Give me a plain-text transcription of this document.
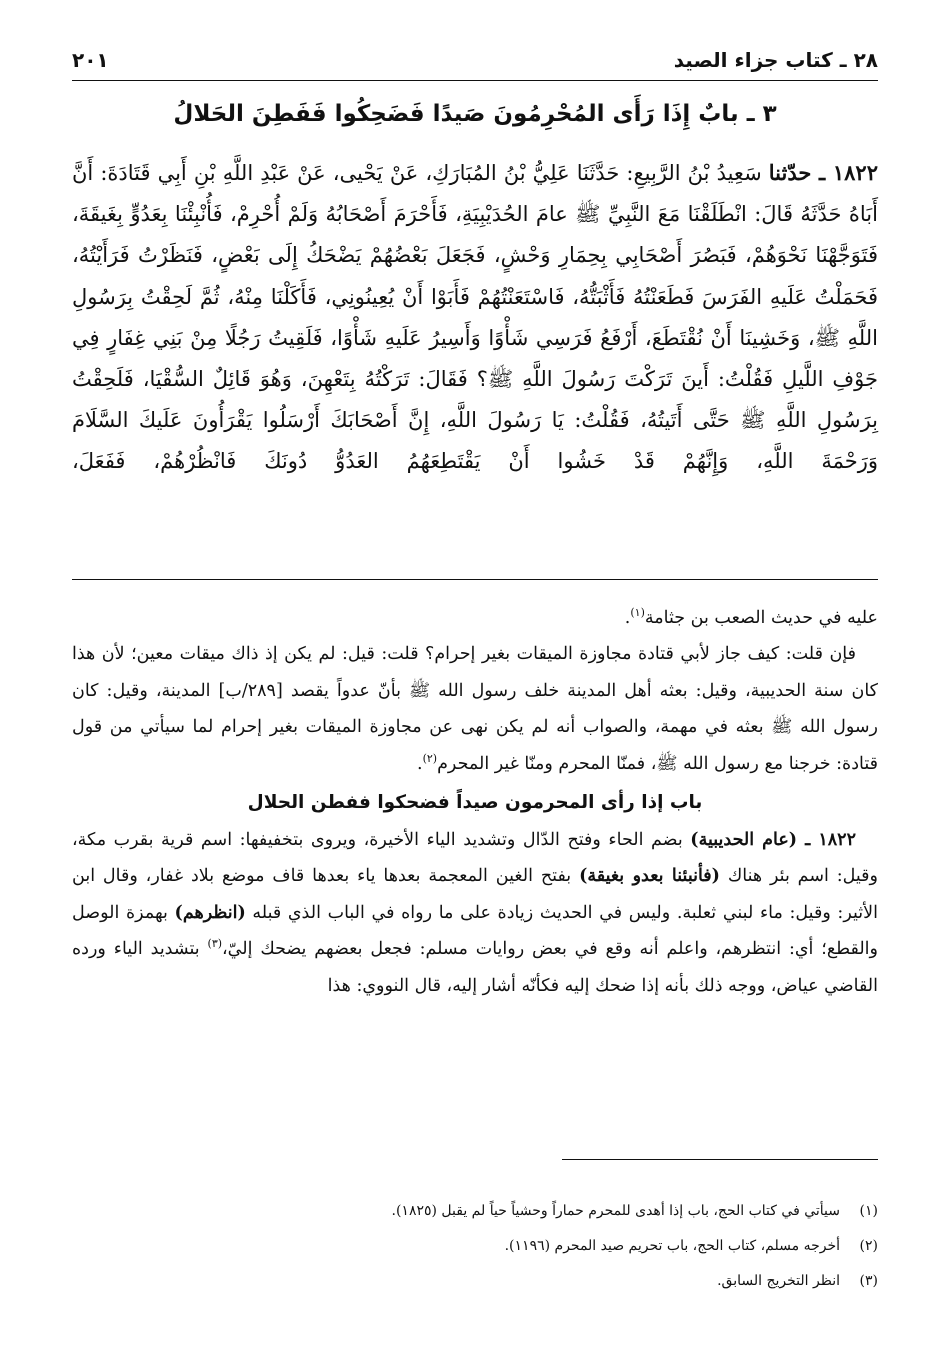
٢٨ ـ كتاب جزاء الصيد
٢٠١
٣ ـ بابٌ إِذَا رَأَى المُحْرِمُونَ صَيدًا فَضَحِكُوا فَفَطِنَ الحَلالُ

١٨٢٢ ـ حدّثنا سَعِيدُ بْنُ الرَّبِيعِ: حَدَّثَنَا عَلِيُّ بْنُ المُبَارَكِ، عَنْ يَحْيى، عَنْ عَبْدِ اللَّهِ بْنِ أَبِي قَتَادَةَ: أَنَّ أَبَاهُ حَدَّثَهُ قَالَ: انْطَلَقْنَا مَعَ النَّبِيِّ ﷺ عامَ الحُدَيْبِيَةِ، فَأَحْرَمَ أَصْحَابُهُ وَلَمْ أُحْرِمْ، فَأُنْبِئْنَا بِعَدُوٍّ بِغَيقَةَ، فَتَوَجَّهْنَا نَحْوَهُمْ، فَبَصُرَ أَصْحَابِي بِحِمَارِ وَحْشٍ، فَجَعَلَ بَعْضُهُمْ يَضْحَكُ إِلَى بَعْضٍ، فَنَظَرْتُ فَرَأَيْتُهُ، فَحَمَلْتُ عَلَيهِ الفَرَسَ فَطَعَنْتُهُ فَأَثْبَتُّهُ، فَاسْتَعَنْتُهُمْ فَأَبَوْا أَنْ يُعِينُونِي، فَأَكَلْنَا مِنْهُ، ثُمَّ لَحِقْتُ بِرَسُولِ اللَّهِ ﷺ، وَخَشِينَا أَنْ نُقْتَطَعَ، أَرْفَعُ فَرَسِي شَأْوًا وَأَسِيرُ عَلَيهِ شَأْوًا، فَلَقِيتُ رَجُلًا مِنْ بَنِي غِفَارٍ فِي جَوْفِ اللَّيلِ فَقُلْتُ: أَينَ تَرَكْتَ رَسُولَ اللَّهِ ﷺ؟ فَقَالَ: تَرَكْتُهُ بِتَعْهِنَ، وَهُوَ قَائِلٌ السُّقْيَا، فَلَحِقْتُ بِرَسُولِ اللَّهِ ﷺ حَتَّى أَتَيتُهُ، فَقُلْتُ: يَا رَسُولَ اللَّهِ، إِنَّ أَصْحَابَكَ أَرْسَلُوا يَقْرَأُونَ عَلَيكَ السَّلَامَ وَرَحْمَةَ اللَّهِ، وَإِنَّهُمْ قَدْ خَشُوا أَنْ يَقْتَطِعَهُمُ العَدُوُّ دُونَكَ فَانْظُرْهُمْ، فَفَعَلَ،

عليه في حديث الصعب بن جثامة$^{(١)}$.

فإن قلت: كيف جاز لأبي قتادة مجاوزة الميقات بغير إحرام؟ قلت: قيل: لم يكن إذ ذاك ميقات معين؛ لأن هذا كان سنة الحديبية، وقيل: بعثه أهل المدينة خلف رسول الله ﷺ بأنّ عدواً يقصد [٢٨٩/ب] المدينة، وقيل: كان رسول الله ﷺ بعثه في مهمة، والصواب أنه لم يكن نهى عن مجاوزة الميقات بغير إحرام لما سيأتي من قول قتادة: خرجنا مع رسول الله ﷺ، فمنّا المحرم ومنّا غير المحرم$^{(٢)}$.

باب إذا رأى المحرمون صيداً فضحكوا ففطن الحلال

١٨٢٢ ـ (عام الحديبية) بضم الحاء وفتح الدّال وتشديد الياء الأخيرة، ويروى بتخفيفها: اسم قرية بقرب مكة، وقيل: اسم بئر هناك (فأنبئنا بعدو بغيقة) بفتح الغين المعجمة بعدها ياء بعدها قاف موضع بلاد غفار، وقال ابن الأثير: وقيل: ماء لبني ثعلبة. وليس في الحديث زيادة على ما رواه في الباب الذي قبله (انظرهم) بهمزة الوصل والقطع؛ أي: انتظرهم، واعلم أنه وقع في بعض روايات مسلم: فجعل بعضهم يضحك إليّ،$^{(٣)}$ بتشديد الياء ورده القاضي عياض، ووجه ذلك بأنه إذا ضحك إليه فكأنّه أشار إليه، قال النووي: هذا

(١)
سيأتي في كتاب الحج، باب إذا أهدى للمحرم حماراً وحشياً حياً لم يقبل (١٨٢٥).
(٢)
أخرجه مسلم، كتاب الحج، باب تحريم صيد المحرم (١١٩٦).
(٣)
انظر التخريج السابق.
